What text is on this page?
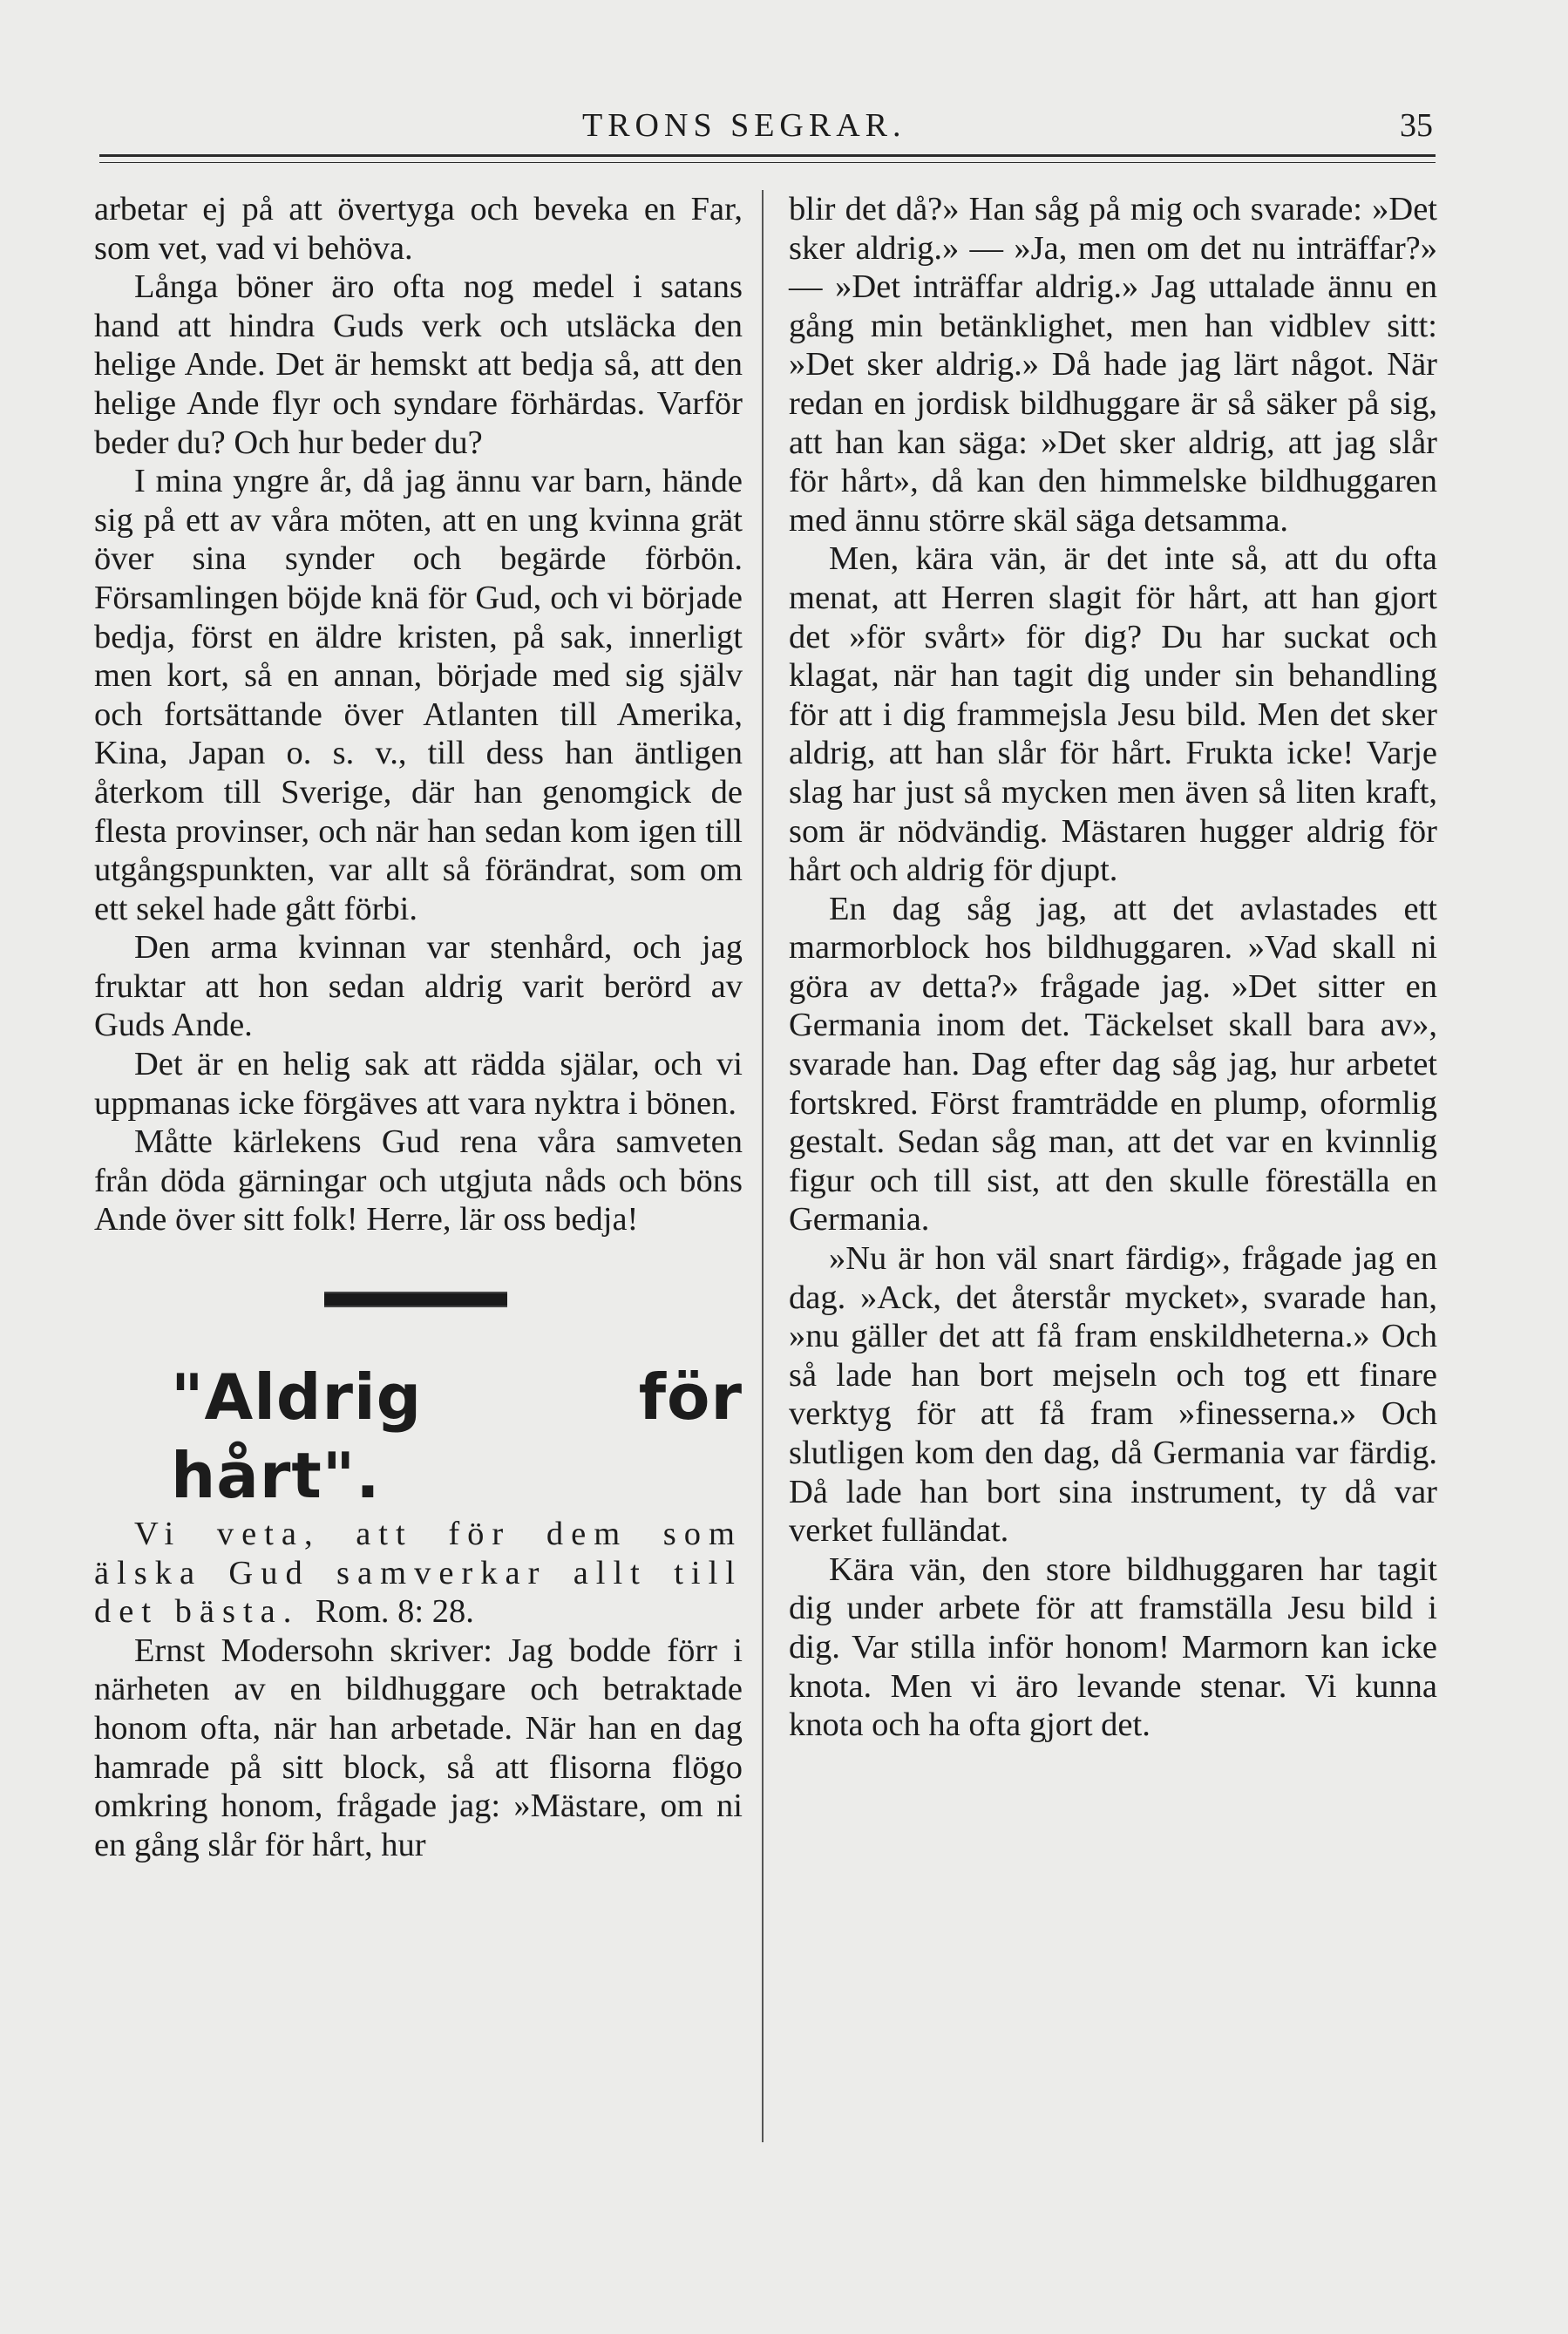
TRONS SEGRAR.	35

arbetar ej på att övertyga och beveka en Far, som vet, vad vi behöva.

Långa böner äro ofta nog medel i satans hand att hindra Guds verk och utsläcka den helige Ande. Det är hemskt att bedja så, att den helige Ande flyr och syndare förhärdas. Varför beder du? Och hur beder du?

I mina yngre år, då jag ännu var barn, hände sig på ett av våra möten, att en ung kvinna grät över sina synder och begärde förbön. Församlingen böjde knä för Gud, och vi började bedja, först en äldre kristen, på sak, innerligt men kort, så en annan, började med sig själv och fortsättande över Atlanten till Amerika, Kina, Japan o. s. v., till dess han äntligen återkom till Sverige, där han genomgick de flesta provinser, och när han sedan kom igen till utgångspunkten, var allt så förändrat, som om ett sekel hade gått förbi.

Den arma kvinnan var stenhård, och jag fruktar att hon sedan aldrig varit berörd av Guds Ande.

Det är en helig sak att rädda själar, och vi uppmanas icke förgäves att vara nyktra i bönen.

Måtte kärlekens Gud rena våra samveten från döda gärningar och utgjuta nåds och böns Ande över sitt folk! Herre, lär oss bedja!

"Aldrig för hårt".

Vi veta, att för dem som älska Gud samverkar allt till det bästa. Rom. 8: 28.

Ernst Modersohn skriver: Jag bodde förr i närheten av en bildhuggare och betraktade honom ofta, när han arbetade. När han en dag hamrade på sitt block, så att flisorna flögo omkring honom, frågade jag: »Mästare, om ni en gång slår för hårt, hur

blir det då?» Han såg på mig och svarade: »Det sker aldrig.» — »Ja, men om det nu inträffar?» — »Det inträffar aldrig.» Jag uttalade ännu en gång min betänklighet, men han vidblev sitt: »Det sker aldrig.» Då hade jag lärt något. När redan en jordisk bildhuggare är så säker på sig, att han kan säga: »Det sker aldrig, att jag slår för hårt», då kan den himmelske bildhuggaren med ännu större skäl säga detsamma.

Men, kära vän, är det inte så, att du ofta menat, att Herren slagit för hårt, att han gjort det »för svårt» för dig? Du har suckat och klagat, när han tagit dig under sin behandling för att i dig frammejsla Jesu bild. Men det sker aldrig, att han slår för hårt. Frukta icke! Varje slag har just så mycken men även så liten kraft, som är nödvändig. Mästaren hugger aldrig för hårt och aldrig för djupt.

En dag såg jag, att det avlastades ett marmorblock hos bildhuggaren. »Vad skall ni göra av detta?» frågade jag. »Det sitter en Germania inom det. Täckelset skall bara av», svarade han. Dag efter dag såg jag, hur arbetet fortskred. Först framträdde en plump, oformlig gestalt. Sedan såg man, att det var en kvinnlig figur och till sist, att den skulle föreställa en Germania.

»Nu är hon väl snart färdig», frågade jag en dag. »Ack, det återstår mycket», svarade han, »nu gäller det att få fram enskildheterna.» Och så lade han bort mejseln och tog ett finare verktyg för att få fram »finesserna.» Och slutligen kom den dag, då Germania var färdig. Då lade han bort sina instrument, ty då var verket fulländat.

Kära vän, den store bildhuggaren har tagit dig under arbete för att framställa Jesu bild i dig. Var stilla inför honom! Marmorn kan icke knota. Men vi äro levande stenar. Vi kunna knota och ha ofta gjort det.
